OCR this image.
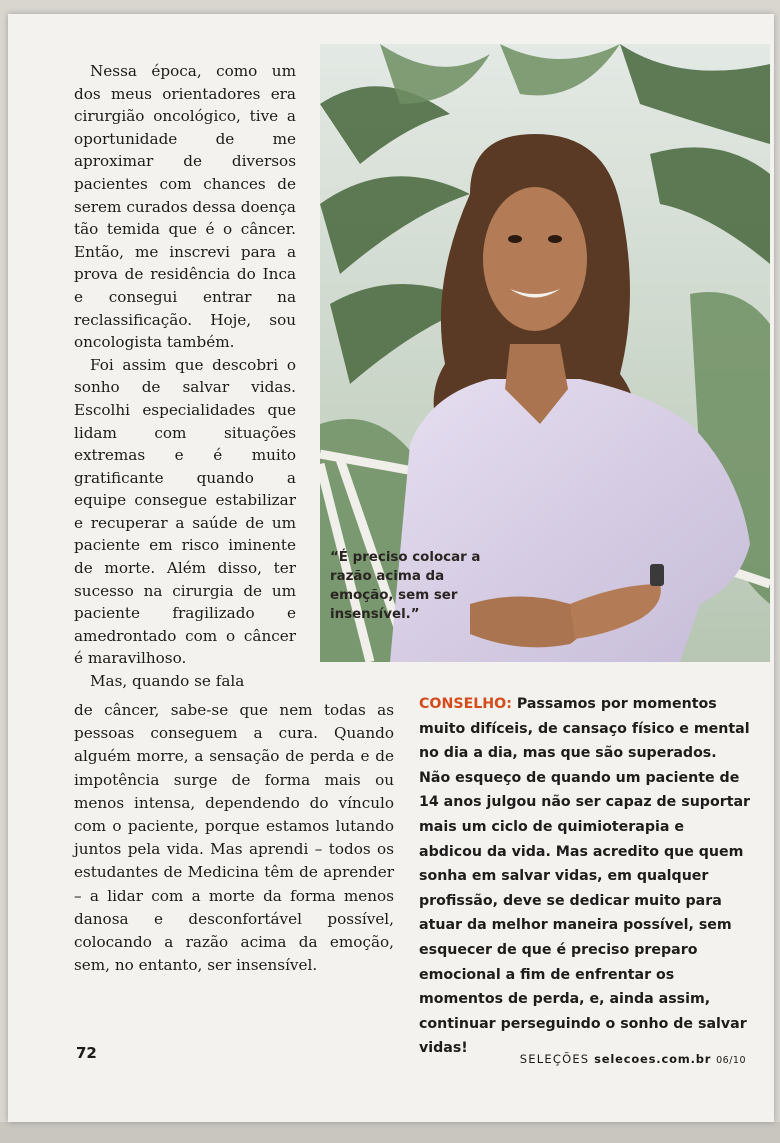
Nessa época, como um dos meus orientadores era cirurgião oncológico, tive a oportunidade de me aproximar de diversos pacientes com chances de serem curados dessa doença tão temida que é o câncer. Então, me inscrevi para a prova de residência do Inca e consegui entrar na reclassificação. Hoje, sou oncologista também.

Foi assim que descobri o sonho de salvar vidas. Escolhi especialidades que lidam com situações extremas e é muito gratificante quando a equipe consegue estabilizar e recuperar a saúde de um paciente em risco iminente de morte. Além disso, ter sucesso na cirurgia de um paciente fragilizado e amedrontado com o câncer é maravilhoso.

Mas, quando se fala

de câncer, sabe-se que nem todas as pessoas conseguem a cura. Quando alguém morre, a sensação de perda e de impotência surge de forma mais ou menos intensa, dependendo do vínculo com o paciente, porque estamos lutando juntos pela vida. Mas aprendi – todos os estudantes de Medicina têm de aprender – a lidar com a morte da forma menos danosa e desconfortável possível, colocando a razão acima da emoção, sem, no entanto, ser insensível.
“É preciso colocar a razão acima da emoção, sem ser insensível.”
CONSELHO: Passamos por momentos muito difíceis, de cansaço físico e mental no dia a dia, mas que são superados. Não esqueço de quando um paciente de 14 anos julgou não ser capaz de suportar mais um ciclo de quimioterapia e abdicou da vida. Mas acredito que quem sonha em salvar vidas, em qualquer profissão, deve se dedicar muito para atuar da melhor maneira possível, sem esquecer de que é preciso preparo emocional a fim de enfrentar os momentos de perda, e, ainda assim, continuar perseguindo o sonho de salvar vidas!
72	SELEÇÕES selecoes.com.br 06/10
